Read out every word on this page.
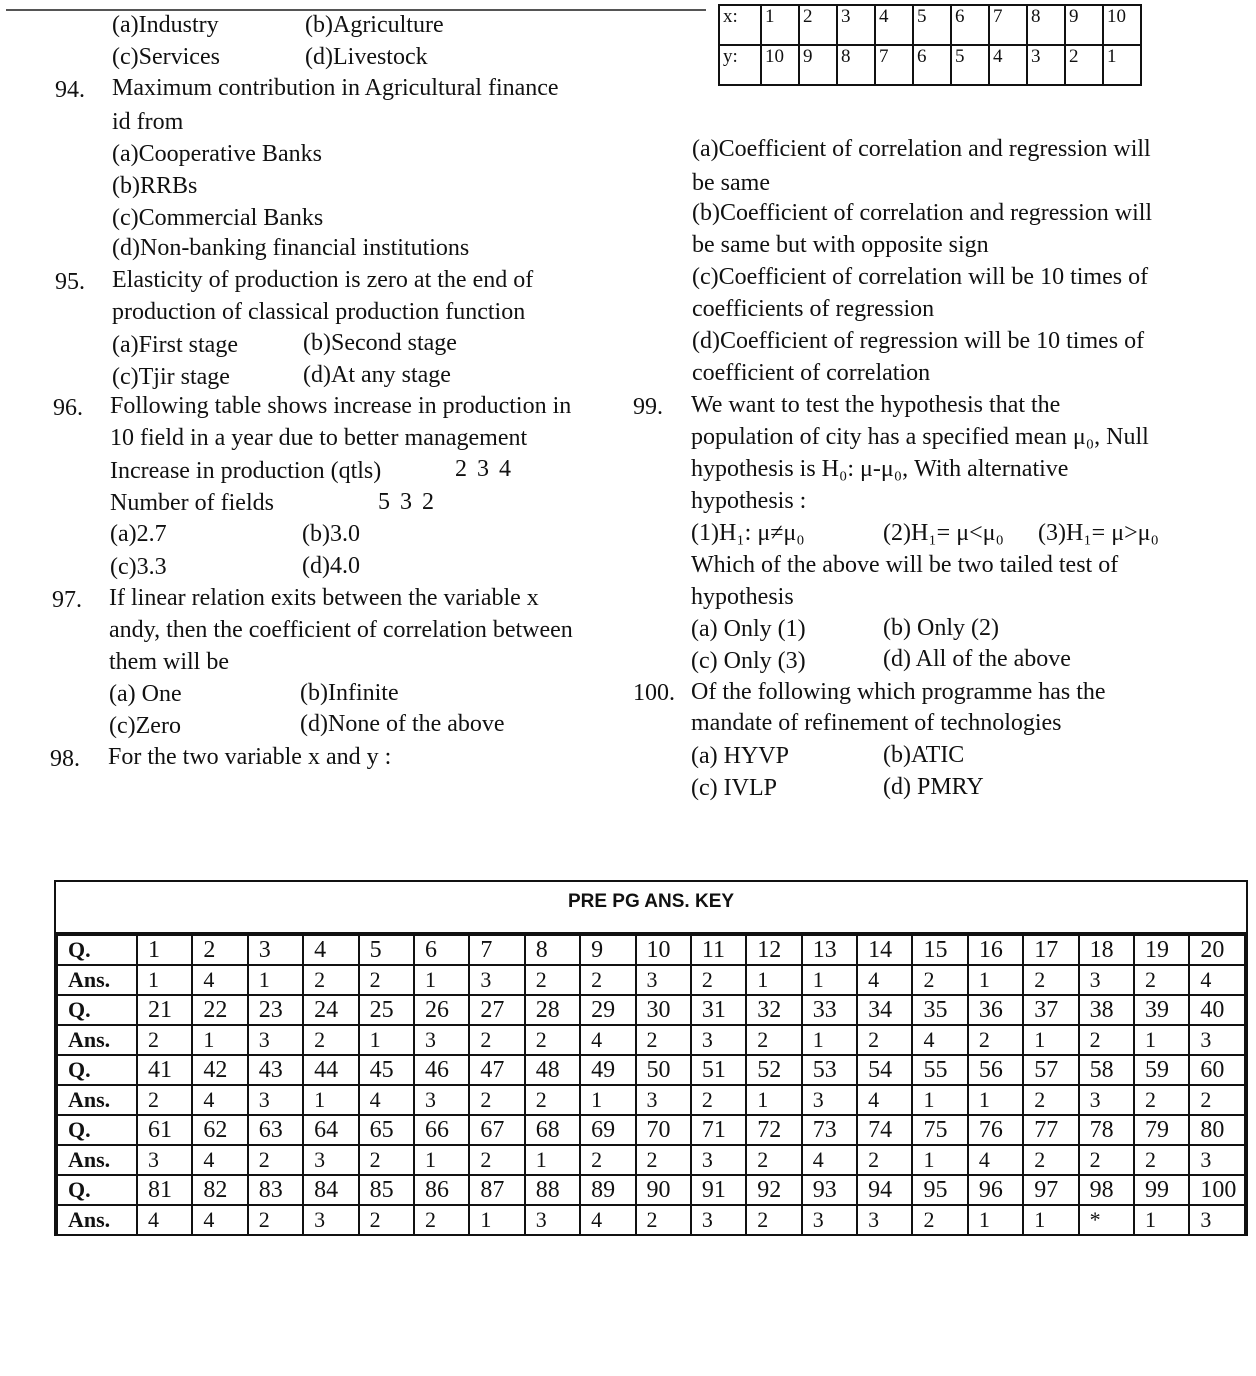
(a)Industry	(b)Agriculture
(c)Services	(d)Livestock
94. Maximum contribution in Agricultural finance
id from
(a)Cooperative Banks
(b)RRBs
(c)Commercial Banks
(d)Non-banking financial institutions
95. Elasticity of production is zero at the end of
production of classical production function
(a)First stage	(b)Second stage
(c)Tjir stage	(d)At any stage
96. Following table shows increase in production in
10 field in a year due to better management
Increase in production (qtls)	2 3 4
Number of fields	5 3 2
(a)2.7	(b)3.0
(c)3.3	(d)4.0
97. If linear relation exits between the variable x
andy, then the coefficient of correlation between
them will be
(a) One	(b)Infinite
(c)Zero	(d)None of the above
98. For the two variable x and y :
x:	1	2	3	4	5	6	7	8	9	10
y:	10	9	8	7	6	5	4	3	2	1
(a)Coefficient of correlation and regression will
be same
(b)Coefficient of correlation and regression will
be same but with opposite sign
(c)Coefficient of correlation will be 10 times of
coefficients of regression
(d)Coefficient of regression will be 10 times of
coefficient of correlation
99. We want to test the hypothesis that the
population of city has a specified mean μ₀, Null
hypothesis is H₀: μ-μ₀, With alternative
hypothesis :
(1)H₁: μ≠μ₀	(2)H₁= μ<μ₀ (3)H₁= μ>μ₀
Which of the above will be two tailed test of
hypothesis
(a) Only (1)	(b) Only (2)
(c) Only (3)	(d) All of the above
100. Of the following which programme has the
mandate of refinement of technologies
(a) HYVP	(b)ATIC
(c) IVLP	(d) PMRY
PRE PG ANS. KEY
Q.	1	2	3	4	5	6	7	8	9	10	11	12	13	14	15	16	17	18	19	20
Ans.	1	4	1	2	2	1	3	2	2	3	2	1	1	4	2	1	2	3	2	4
Q.	21	22	23	24	25	26	27	28	29	30	31	32	33	34	35	36	37	38	39	40
Ans.	2	1	3	2	1	3	2	2	4	2	3	2	1	2	4	2	1	2	1	3
Q.	41	42	43	44	45	46	47	48	49	50	51	52	53	54	55	56	57	58	59	60
Ans.	2	4	3	1	4	3	2	2	1	3	2	1	3	4	1	1	2	3	2	2
Q.	61	62	63	64	65	66	67	68	69	70	71	72	73	74	75	76	77	78	79	80
Ans.	3	4	2	3	2	1	2	1	2	2	3	2	4	2	1	4	2	2	2	3
Q.	81	82	83	84	85	86	87	88	89	90	91	92	93	94	95	96	97	98	99	100
Ans.	4	4	2	3	2	2	1	3	4	2	3	2	3	3	2	1	1	*	1	3
